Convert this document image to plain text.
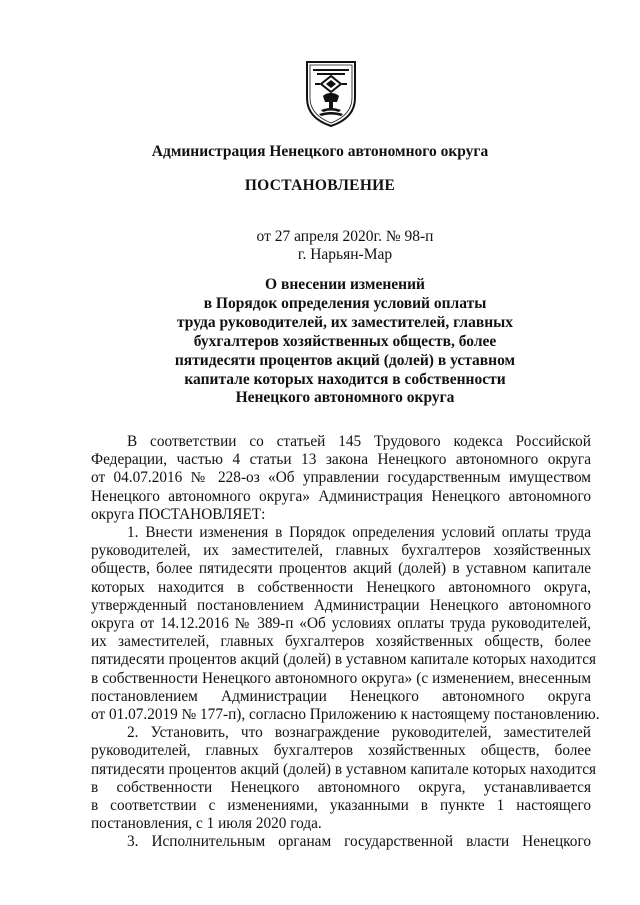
Администрация Ненецкого автономного округа
ПОСТАНОВЛЕНИЕ
от 27 апреля 2020г. № 98-п
г. Нарьян-Мар
О внесении изменений
в Порядок определения условий оплаты
труда руководителей, их заместителей, главных
бухгалтеров хозяйственных обществ, более
пятидесяти процентов акций (долей) в уставном
капитале которых находится в собственности
Ненецкого автономного округа

В соответствии со статьей 145 Трудового кодекса Российской
Федерации, частью 4 статьи 13 закона Ненецкого автономного округа
от 04.07.2016 № 228-оз «Об управлении государственным имуществом
Ненецкого автономного округа» Администрация Ненецкого автономного
округа ПОСТАНОВЛЯЕТ:

1. Внести изменения в Порядок определения условий оплаты труда
руководителей, их заместителей, главных бухгалтеров хозяйственных
обществ, более пятидесяти процентов акций (долей) в уставном капитале
которых находится в собственности Ненецкого автономного округа,
утвержденный постановлением Администрации Ненецкого автономного
округа от 14.12.2016 № 389-п «Об условиях оплаты труда руководителей,
их заместителей, главных бухгалтеров хозяйственных обществ, более
пятидесяти процентов акций (долей) в уставном капитале которых находится
в собственности Ненецкого автономного округа» (с изменением, внесенным
постановлением Администрации Ненецкого автономного округа
от 01.07.2019 № 177-п), согласно Приложению к настоящему постановлению.

2. Установить, что вознаграждение руководителей, заместителей
руководителей, главных бухгалтеров хозяйственных обществ, более
пятидесяти процентов акций (долей) в уставном капитале которых находится
в собственности Ненецкого автономного округа, устанавливается
в соответствии с изменениями, указанными в пункте 1 настоящего
постановления, с 1 июля 2020 года.

3. Исполнительным органам государственной власти Ненецкого
